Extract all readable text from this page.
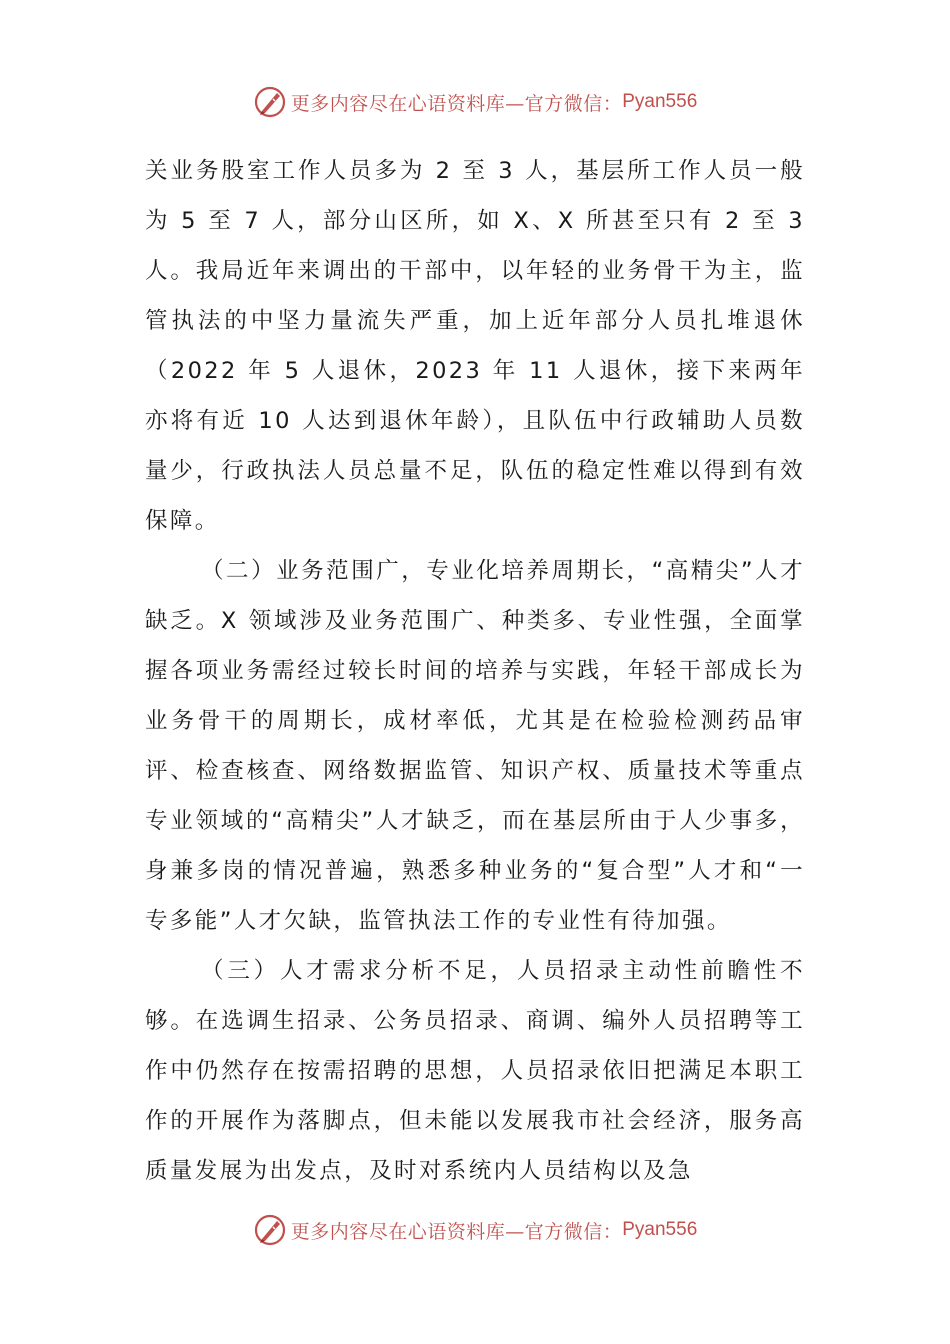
更多内容尽在心语资料库—官方微信： Pyan556

关业务股室工作人员多为 2 至 3 人，基层所工作人员一般为 5 至 7 人，部分山区所，如 X、X 所甚至只有 2 至 3 人。我局近年来调出的干部中，以年轻的业务骨干为主，监管执法的中坚力量流失严重，加上近年部分人员扎堆退休（2022 年 5 人退休，2023 年 11 人退休，接下来两年亦将有近 10 人达到退休年龄），且队伍中行政辅助人员数量少，行政执法人员总量不足，队伍的稳定性难以得到有效保障。

（二）业务范围广，专业化培养周期长，“高精尖”人才缺乏。X 领域涉及业务范围广、种类多、专业性强，全面掌握各项业务需经过较长时间的培养与实践，年轻干部成长为业务骨干的周期长，成材率低，尤其是在检验检测药品审评、检查核查、网络数据监管、知识产权、质量技术等重点专业领域的“高精尖”人才缺乏，而在基层所由于人少事多，身兼多岗的情况普遍，熟悉多种业务的“复合型”人才和“一专多能”人才欠缺，监管执法工作的专业性有待加强。

（三）人才需求分析不足，人员招录主动性前瞻性不够。在选调生招录、公务员招录、商调、编外人员招聘等工作中仍然存在按需招聘的思想，人员招录依旧把满足本职工作的开展作为落脚点，但未能以发展我市社会经济，服务高质量发展为出发点，及时对系统内人员结构以及急

更多内容尽在心语资料库—官方微信： Pyan556
